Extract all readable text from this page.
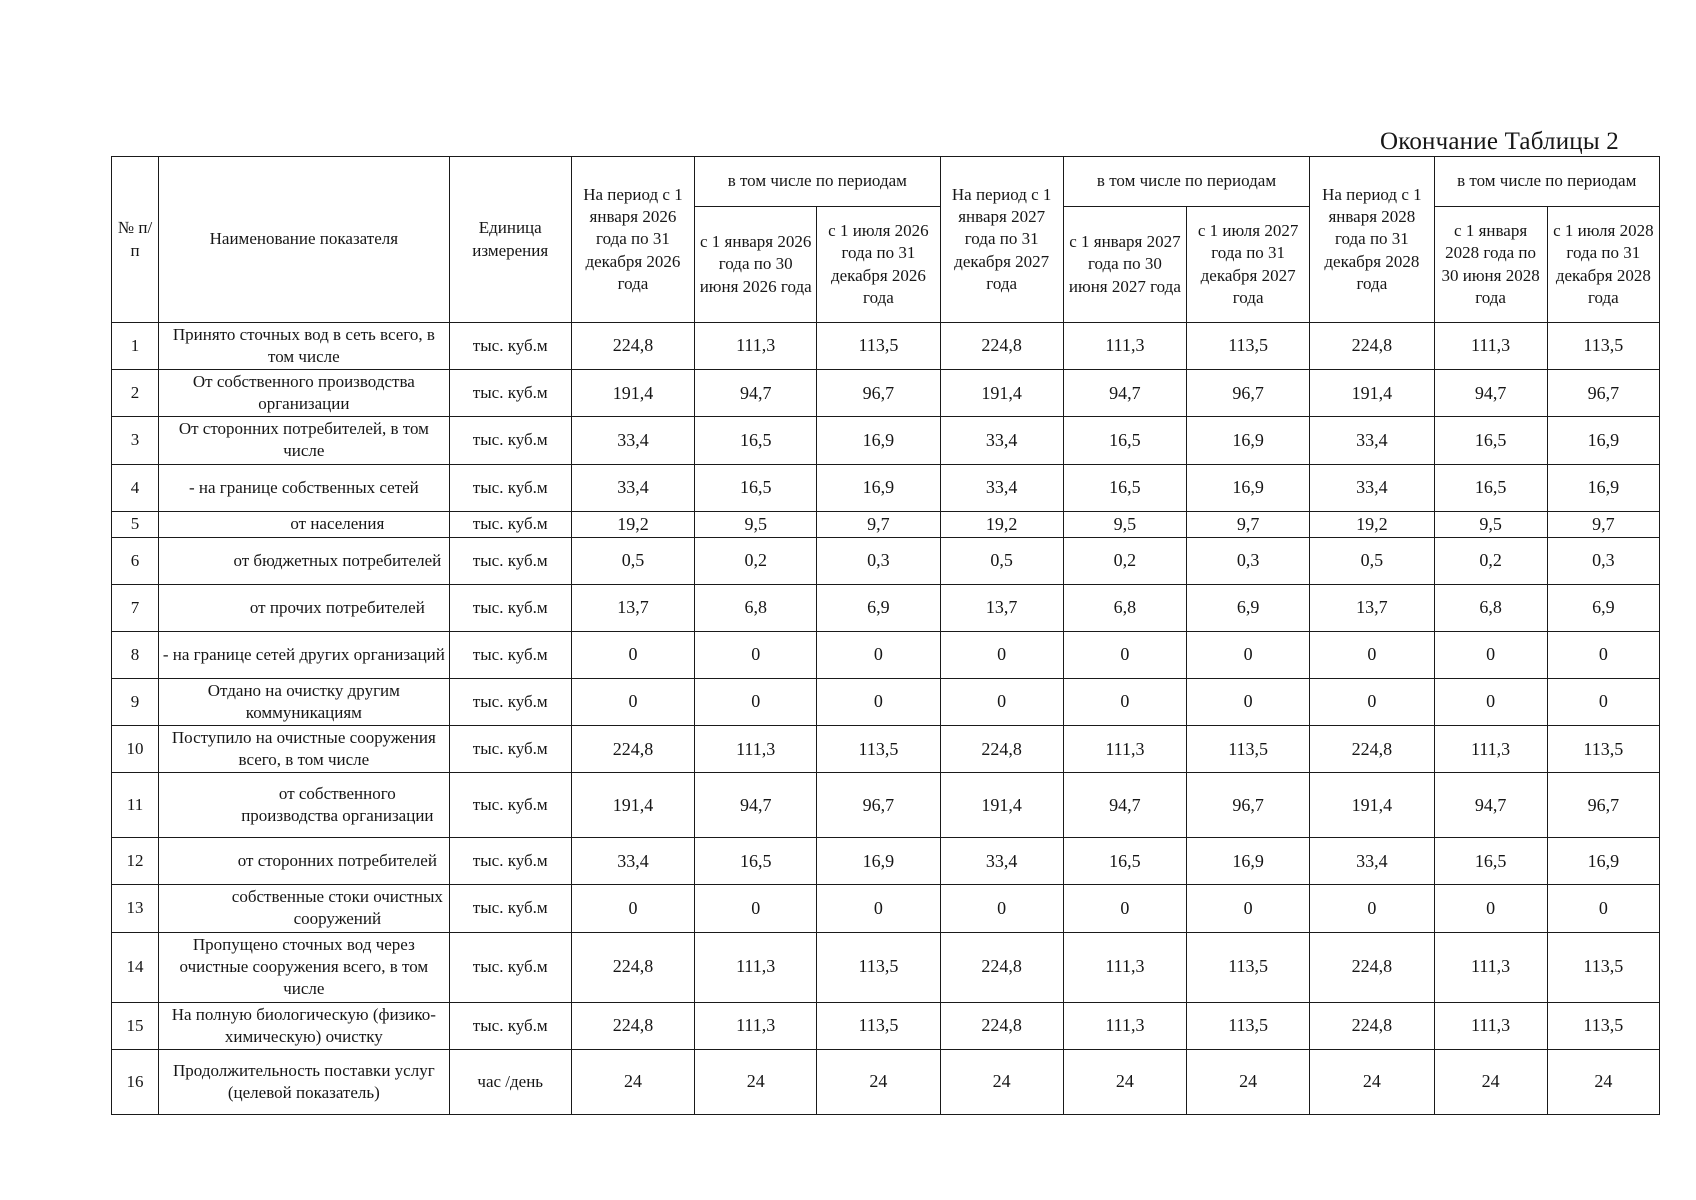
Окончание Таблицы 2
№ п/ п	Наименование показателя	Единица измерения	На период с 1 января 2026 года по 31 декабря 2026 года	в том числе по периодам		На период с 1 января 2027 года по 31 декабря 2027 года	в том числе по периодам		На период с 1 января 2028 года по 31 декабря 2028 года	в том числе по периодам	
				с 1 января 2026 года по 30 июня 2026 года	с 1 июля 2026 года по 31 декабря 2026 года		с 1 января 2027 года по 30 июня 2027 года	с 1 июля 2027 года по 31 декабря 2027 года		с 1 января 2028 года по 30 июня 2028 года	с 1 июля 2028 года по 31 декабря 2028 года
1	Принято сточных вод в сеть всего, в том числе	тыс. куб.м	224,8	111,3	113,5	224,8	111,3	113,5	224,8	111,3	113,5
2	От собственного производства организации	тыс. куб.м	191,4	94,7	96,7	191,4	94,7	96,7	191,4	94,7	96,7
3	От сторонних потребителей, в том числе	тыс. куб.м	33,4	16,5	16,9	33,4	16,5	16,9	33,4	16,5	16,9
4	- на границе собственных сетей	тыс. куб.м	33,4	16,5	16,9	33,4	16,5	16,9	33,4	16,5	16,9
5	от населения	тыс. куб.м	19,2	9,5	9,7	19,2	9,5	9,7	19,2	9,5	9,7
6	от бюджетных потребителей	тыс. куб.м	0,5	0,2	0,3	0,5	0,2	0,3	0,5	0,2	0,3
7	от прочих потребителей	тыс. куб.м	13,7	6,8	6,9	13,7	6,8	6,9	13,7	6,8	6,9
8	- на границе сетей других организаций	тыс. куб.м	0	0	0	0	0	0	0	0	0
9	Отдано на очистку другим коммуникациям	тыс. куб.м	0	0	0	0	0	0	0	0	0
10	Поступило на очистные сооружения всего, в том числе	тыс. куб.м	224,8	111,3	113,5	224,8	111,3	113,5	224,8	111,3	113,5
11	от собственного производства организации	тыс. куб.м	191,4	94,7	96,7	191,4	94,7	96,7	191,4	94,7	96,7
12	от сторонних потребителей	тыс. куб.м	33,4	16,5	16,9	33,4	16,5	16,9	33,4	16,5	16,9
13	собственные стоки очистных сооружений	тыс. куб.м	0	0	0	0	0	0	0	0	0
14	Пропущено сточных вод через очистные сооружения всего, в том числе	тыс. куб.м	224,8	111,3	113,5	224,8	111,3	113,5	224,8	111,3	113,5
15	На полную биологическую (физико-химическую) очистку	тыс. куб.м	224,8	111,3	113,5	224,8	111,3	113,5	224,8	111,3	113,5
16	Продолжительность поставки услуг (целевой показатель)	час /день	24	24	24	24	24	24	24	24	24
